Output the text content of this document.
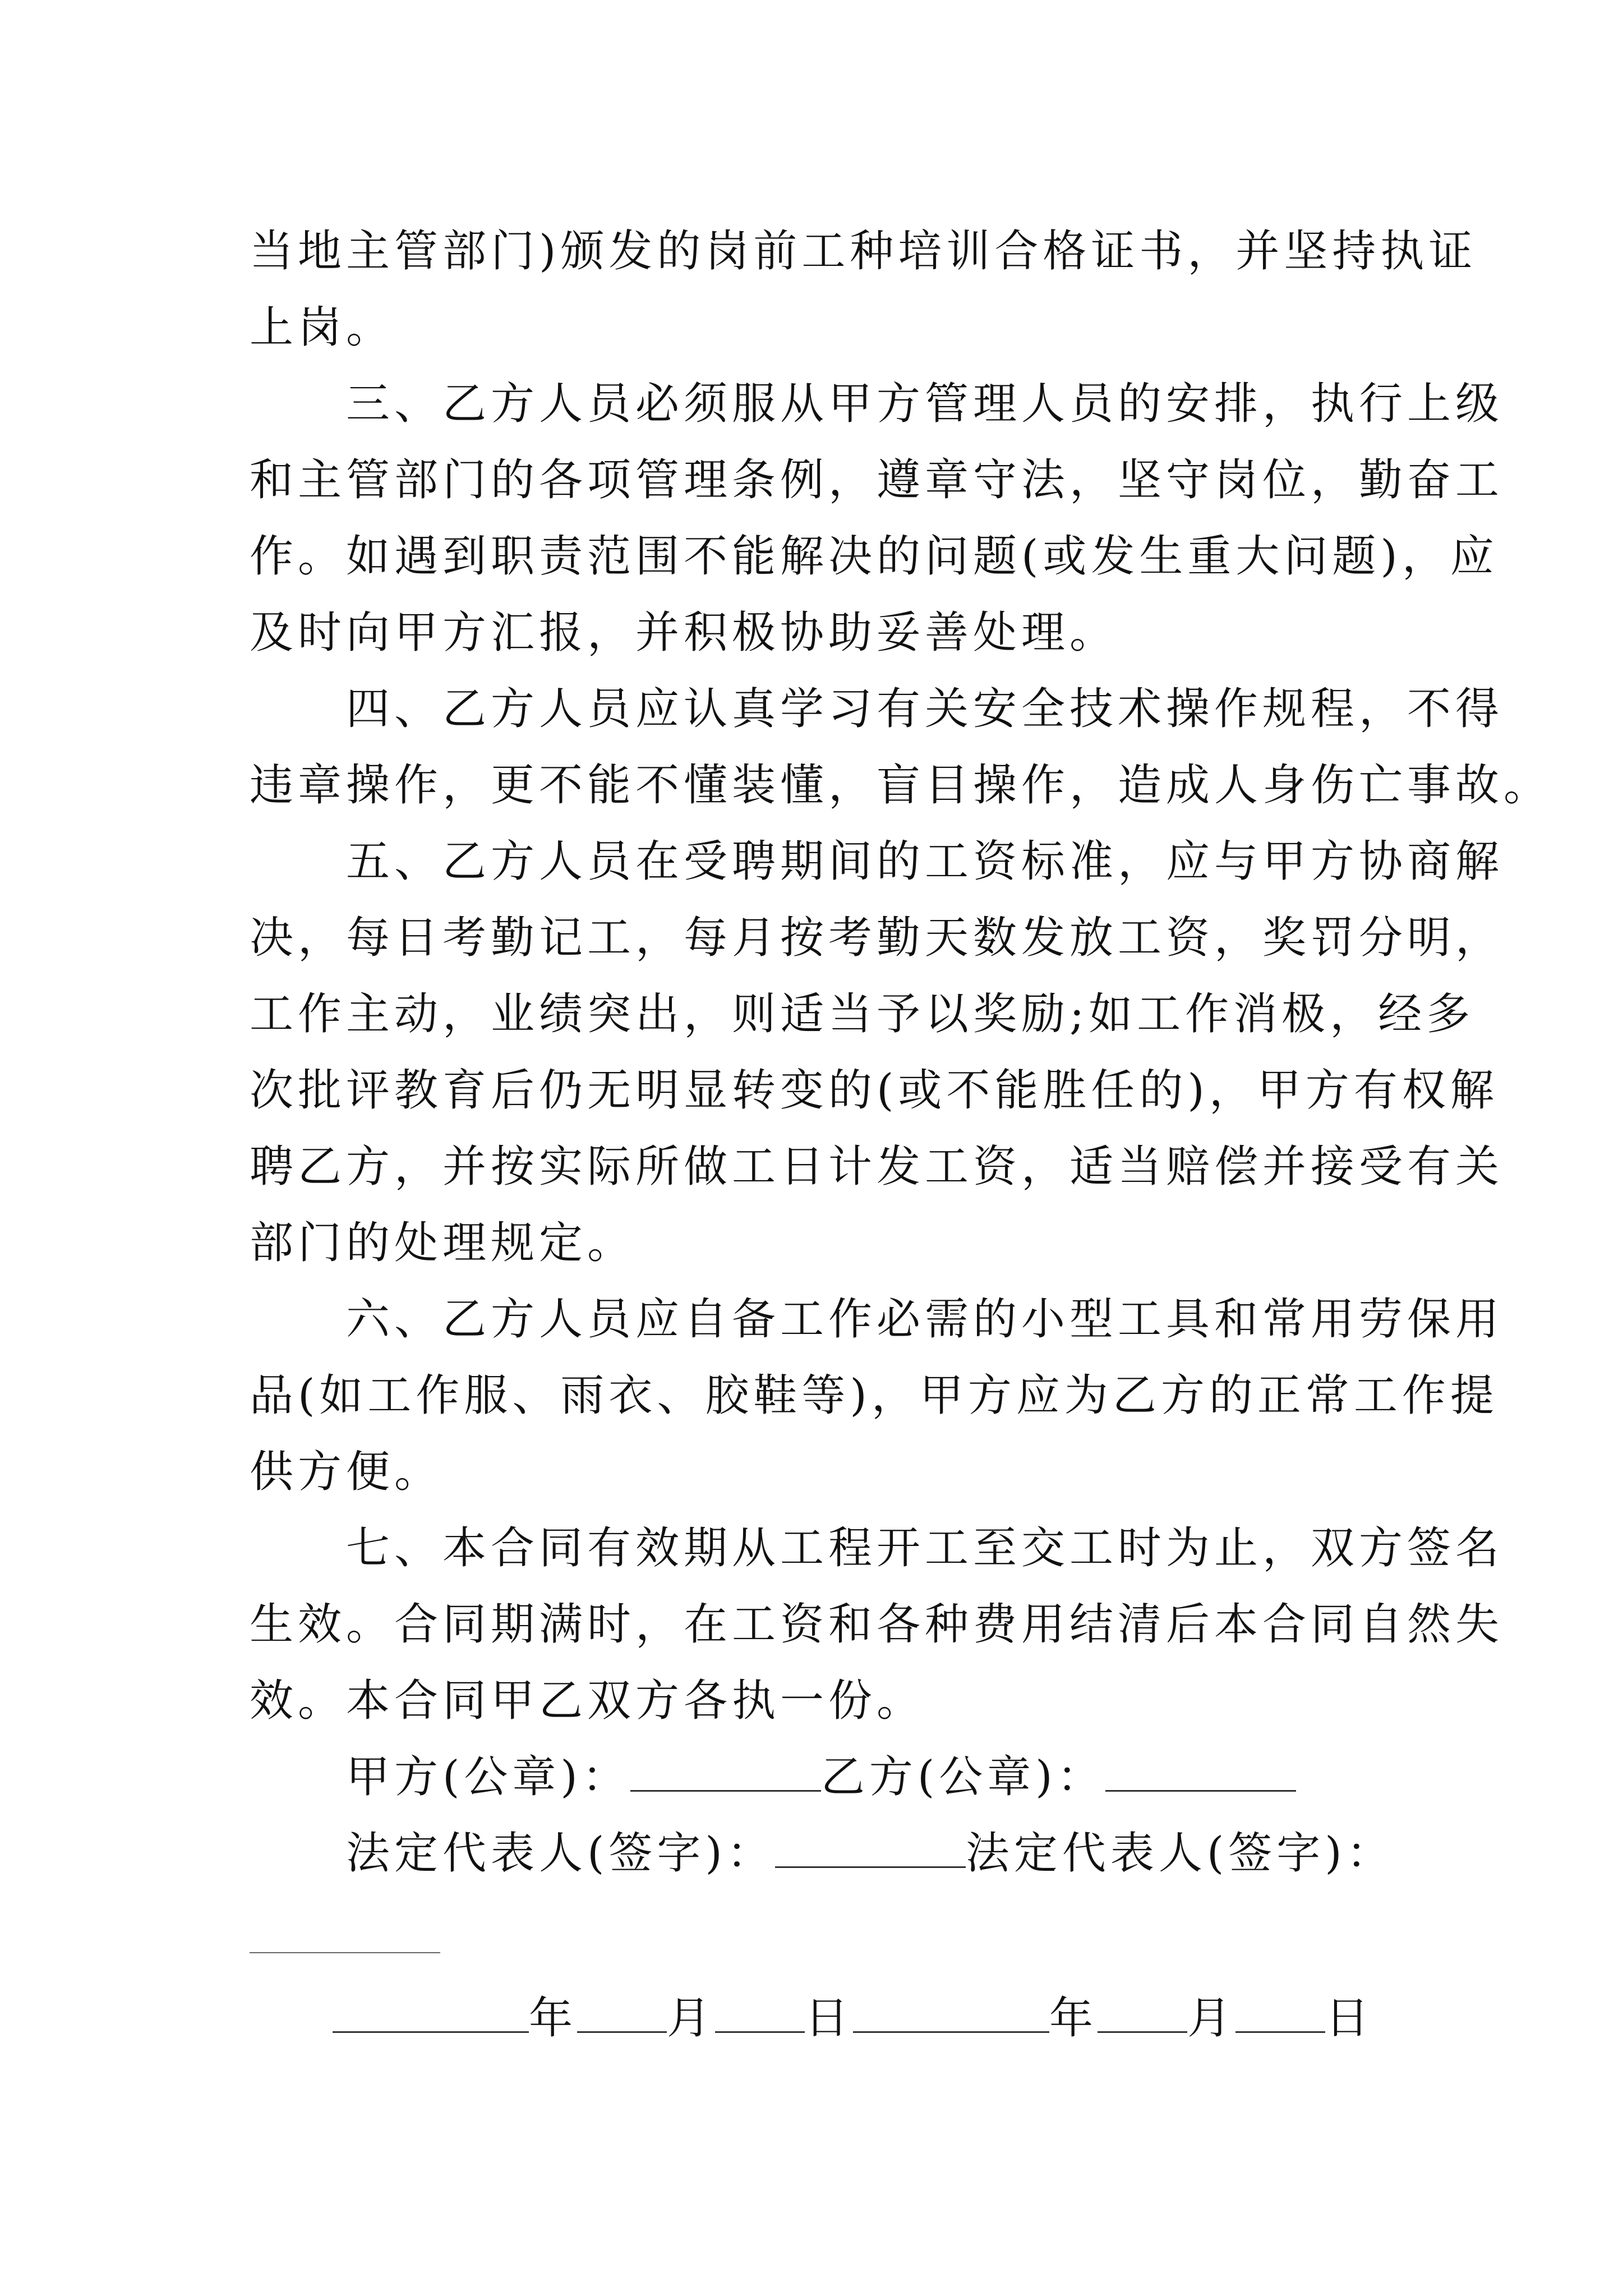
当地主管部门)颁发的岗前工种培训合格证书，并坚持执证
上岗。
　　三、乙方人员必须服从甲方管理人员的安排，执行上级
和主管部门的各项管理条例，遵章守法，坚守岗位，勤奋工
作。如遇到职责范围不能解决的问题(或发生重大问题)，应
及时向甲方汇报，并积极协助妥善处理。
　　四、乙方人员应认真学习有关安全技术操作规程，不得
违章操作，更不能不懂装懂，盲目操作，造成人身伤亡事故。
　　五、乙方人员在受聘期间的工资标准，应与甲方协商解
决，每日考勤记工，每月按考勤天数发放工资，奖罚分明，
工作主动，业绩突出，则适当予以奖励;如工作消极，经多
次批评教育后仍无明显转变的(或不能胜任的)，甲方有权解
聘乙方，并按实际所做工日计发工资，适当赔偿并接受有关
部门的处理规定。
　　六、乙方人员应自备工作必需的小型工具和常用劳保用
品(如工作服、雨衣、胶鞋等)，甲方应为乙方的正常工作提
供方便。
　　七、本合同有效期从工程开工至交工时为止，双方签名
生效。合同期满时，在工资和各种费用结清后本合同自然失
效。本合同甲乙双方各执一份。
　　甲方(公章)：	乙方(公章)：
　　法定代表人(签字)：	法定代表人(签字)：
年 月 日	年 月 日
